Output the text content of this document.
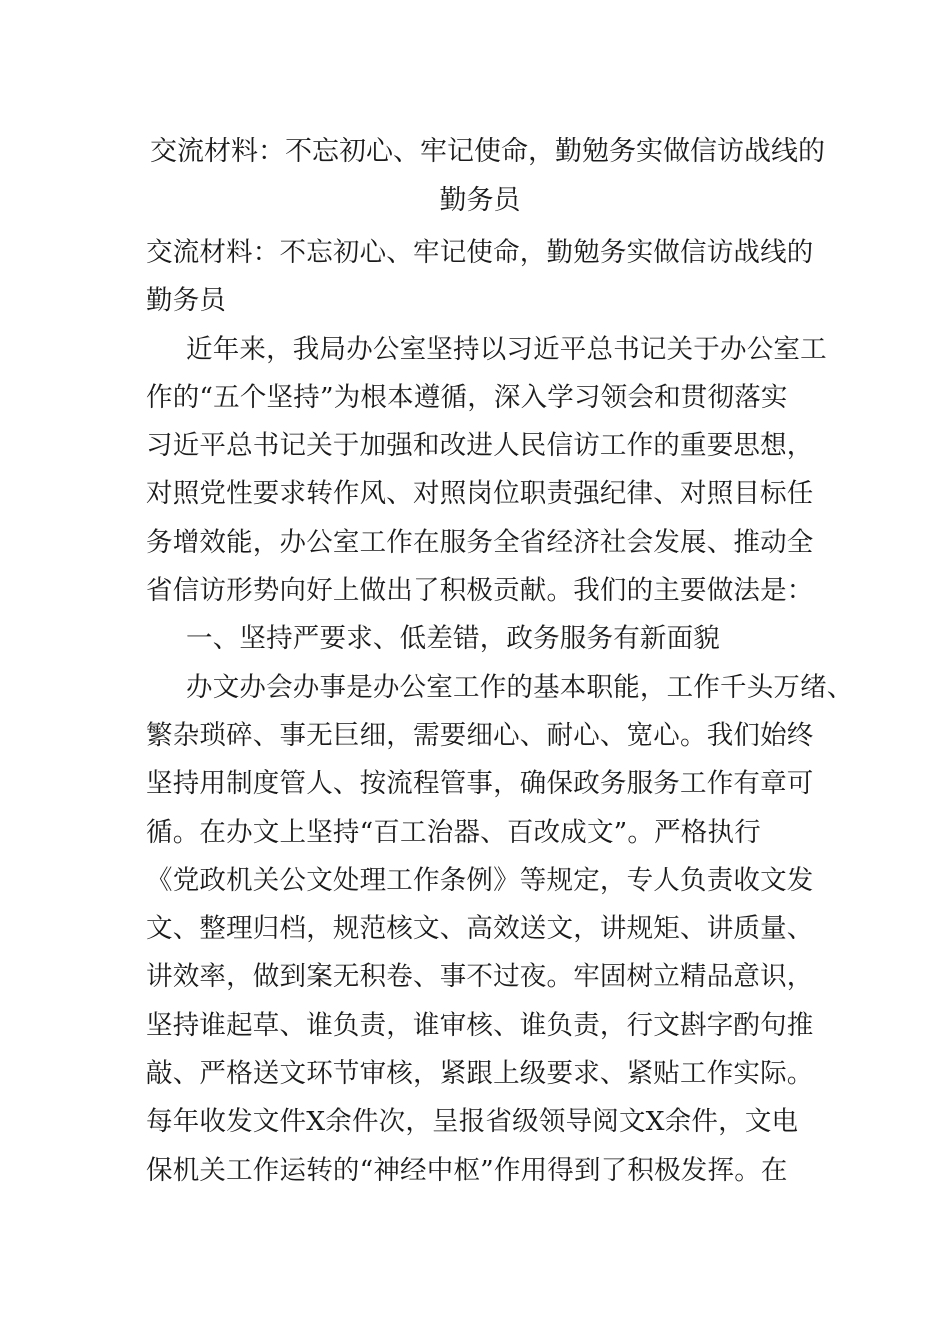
交流材料：不忘初心、牢记使命，勤勉务实做信访战线的
勤务员
交流材料：不忘初心、牢记使命，勤勉务实做信访战线的
勤务员
近年来，我局办公室坚持以习近平总书记关于办公室工
作的“五个坚持”为根本遵循，深入学习领会和贯彻落实
习近平总书记关于加强和改进人民信访工作的重要思想，
对照党性要求转作风、对照岗位职责强纪律、对照目标任
务增效能，办公室工作在服务全省经济社会发展、推动全
省信访形势向好上做出了积极贡献。我们的主要做法是：
一、坚持严要求、低差错，政务服务有新面貌
办文办会办事是办公室工作的基本职能，工作千头万绪、
繁杂琐碎、事无巨细，需要细心、耐心、宽心。我们始终
坚持用制度管人、按流程管事，确保政务服务工作有章可
循。在办文上坚持“百工治器、百改成文”。严格执行
《党政机关公文处理工作条例》等规定，专人负责收文发
文、整理归档，规范核文、高效送文，讲规矩、讲质量、
讲效率，做到案无积卷、事不过夜。牢固树立精品意识，
坚持谁起草、谁负责，谁审核、谁负责，行文斟字酌句推
敲、严格送文环节审核，紧跟上级要求、紧贴工作实际。
每年收发文件X余件次，呈报省级领导阅文X余件，文电
保机关工作运转的“神经中枢”作用得到了积极发挥。在
